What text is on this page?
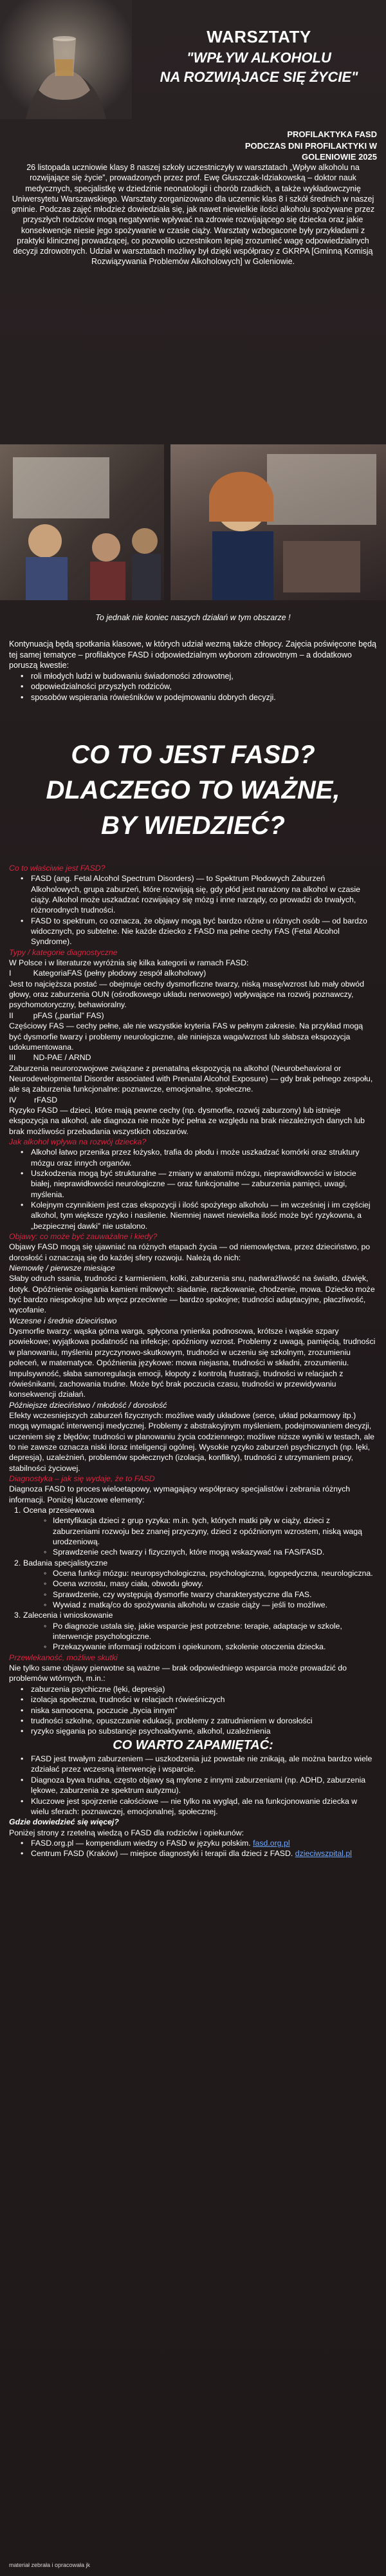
WARSZTATY
"WPŁYW ALKOHOLU
NA ROZWIĄJACE SIĘ ŻYCIE"
PROFILAKTYKA FASD
PODCZAS DNI PROFILAKTYKI W GOLENIOWIE 2025

26 listopada uczniowie klasy 8 naszej szkoły uczestniczyły w warsztatach „Wpływ alkoholu na rozwijające się życie”, prowadzonych przez prof. Ewę Głuszczak-Idziakowską – doktor nauk medycznych, specjalistkę w dziedzinie neonatologii i chorób rzadkich, a także wykładowczynię Uniwersytetu Warszawskiego. Warsztaty zorganizowano dla uczennic klas 8 i szkół średnich w naszej gminie. Podczas zajęć młodzież dowiedziała się, jak nawet niewielkie ilości alkoholu spożywane przez przyszłych rodziców mogą negatywnie wpływać na zdrowie rozwijającego się dziecka oraz jakie konsekwencje niesie jego spożywanie w czasie ciąży. Warsztaty wzbogacone były przykładami z praktyki klinicznej prowadzącej, co pozwoliło uczestnikom lepiej zrozumieć wagę odpowiedzialnych decyzji zdrowotnych. Udział w warsztatach możliwy był dzięki współpracy z GKRPA [Gminną Komisją Rozwiązywania Problemów Alkoholowych] w Goleniowie.

To jednak nie koniec naszych działań w tym obszarze !

Kontynuacją będą spotkania klasowe, w których udział wezmą także chłopcy. Zajęcia poświęcone będą tej samej tematyce – profilaktyce FASD i odpowiedzialnym wyborom zdrowotnym – a dodatkowo poruszą kwestie:

• roli młodych ludzi w budowaniu świadomości zdrowotnej,
• odpowiedzialności przyszłych rodziców,
• sposobów wspierania rówieśników w podejmowaniu dobrych decyzji.
CO TO JEST FASD?
DLACZEGO TO WAŻNE,
BY WIEDZIEĆ?

Co to właściwie jest FASD?

• FASD (ang. Fetal Alcohol Spectrum Disorders) — to Spektrum Płodowych Zaburzeń Alkoholowych, grupa zaburzeń, które rozwijają się, gdy płód jest narażony na alkohol w czasie ciąży. Alkohol może uszkadzać rozwijający się mózg i inne narządy, co prowadzi do trwałych, różnorodnych trudności.
• FASD to spektrum, co oznacza, że objawy mogą być bardzo różne u różnych osób — od bardzo widocznych, po subtelne. Nie każde dziecko z FASD ma pełne cechy FAS (Fetal Alcohol Syndrome).

Typy / kategorie diagnostyczne

W Polsce i w literaturze wyróżnia się kilka kategorii w ramach FASD:

I          KategoriaFAS (pełny płodowy zespół alkoholowy)

Jest to najcięższa postać — obejmuje cechy dysmorficzne twarzy, niską masę/wzrost lub mały obwód głowy, oraz zaburzenia OUN (ośrodkowego układu nerwowego) wpływające na rozwój poznawczy, psychomotoryczny, behawioralny.

II         pFAS („partial” FAS)

Częściowy FAS — cechy pełne, ale nie wszystkie kryteria FAS w pełnym zakresie. Na przykład mogą być dysmorfie twarzy i problemy neurologiczne, ale niniejsza waga/wzrost lub słabsza ekspozycja udokumentowana.

III        ND-PAE / ARND

Zaburzenia neurorozwojowe związane z prenatalną ekspozycją na alkohol (Neurobehavioral or Neurodevelopmental Disorder associated with Prenatal Alcohol Exposure) — gdy brak pełnego zespołu, ale są zaburzenia funkcjonalne: poznawcze, emocjonalne, społeczne.

IV        rFASD

Ryzyko FASD — dzieci, które mają pewne cechy (np. dysmorfie, rozwój zaburzony) lub istnieje ekspozycja na alkohol, ale diagnoza nie może być pełna ze względu na brak niezależnych danych lub brak możliwości przebadania wszystkich obszarów.

Jak alkohol wpływa na rozwój dziecka?

• Alkohol łatwo przenika przez łożysko, trafia do płodu i może uszkadzać komórki oraz struktury mózgu oraz innych organów.
• Uszkodzenia mogą być strukturalne — zmiany w anatomii mózgu, nieprawidłowości w istocie białej, nieprawidłowości neurologiczne — oraz funkcjonalne — zaburzenia pamięci, uwagi, myślenia.
• Kolejnym czynnikiem jest czas ekspozycji i ilość spożytego alkoholu — im wcześniej i im częściej alkohol, tym większe ryzyko i nasilenie. Niemniej nawet niewielka ilość może być ryzykowna, a „bezpiecznej dawki” nie ustalono.

Objawy: co może być zauważalne i kiedy?

Objawy FASD mogą się ujawniać na różnych etapach życia — od niemowlęctwa, przez dzieciństwo, po dorosłość i oznaczają się do każdej sfery rozwoju. Należą do nich:

Niemowlę / pierwsze miesiące

Słaby odruch ssania, trudności z karmieniem, kolki, zaburzenia snu, nadwrażliwość na światło, dźwięk, dotyk. Opóźnienie osiągania kamieni milowych: siadanie, raczkowanie, chodzenie, mowa. Dziecko może być bardzo niespokojne lub wręcz przeciwnie — bardzo spokojne; trudności adaptacyjne, płaczliwość, wycofanie.

Wczesne i średnie dzieciństwo

Dysmorfie twarzy: wąska górna warga, spłycona rynienka podnosowa, krótsze i wąskie szpary powiekowe; wyjątkowa podatność na infekcje; opóźniony wzrost. Problemy z uwagą, pamięcią, trudności w planowaniu, myśleniu przyczynowo-skutkowym, trudności w uczeniu się szkolnym, zrozumieniu poleceń, w matematyce. Opóźnienia językowe: mowa niejasna, trudności w składni, zrozumieniu. Impulsywność, słaba samoregulacja emocji, kłopoty z kontrolą frustracji, trudności w relacjach z rówieśnikami, zachowania trudne. Może być brak poczucia czasu, trudności w przewidywaniu konsekwencji działań.

Późniejsze dzieciństwo / młodość / dorosłość

Efekty wczesniejszych zaburzeń fizycznych: możliwe wady układowe (serce, układ pokarmowy itp.) mogą wymagać interwencji medycznej. Problemy z abstrakcyjnym myśleniem, podejmowaniem decyzji, uczeniem się z błędów; trudności w planowaniu życia codziennego; możliwe niższe wyniki w testach, ale to nie zawsze oznacza niski iloraz inteligencji ogólnej. Wysokie ryzyko zaburzeń psychicznych (np. lęki, depresja), uzależnień, problemów społecznych (izolacja, konflikty), trudności z utrzymaniem pracy, stabilności życiowej.

Diagnostyka – jak się wydaje, że to FASD

Diagnoza FASD to proces wieloetapowy, wymagający współpracy specjalistów i zebrania różnych informacji. Poniżej kluczowe elementy:

1. Ocena przesiewowa
◦ Identyfikacja dzieci z grup ryzyka: m.in. tych, których matki piły w ciąży, dzieci z zaburzeniami rozwoju bez znanej przyczyny, dzieci z opóźnionym wzrostem, niską wagą urodzeniową.
◦ Sprawdzenie cech twarzy i fizycznych, które mogą wskazywać na FAS/FASD.
2. Badania specjalistyczne
◦ Ocena funkcji mózgu: neuropsychologiczna, psychologiczna, logopedyczna, neurologiczna.
◦ Ocena wzrostu, masy ciała, obwodu głowy.
◦ Sprawdzenie, czy występują dysmorfie twarzy charakterystyczne dla FAS.
◦ Wywiad z matką/co do spożywania alkoholu w czasie ciąży — jeśli to możliwe.
3. Zalecenia i wnioskowanie
◦ Po diagnozie ustala się, jakie wsparcie jest potrzebne: terapie, adaptacje w szkole, interwencje psychologiczne.
◦ Przekazywanie informacji rodzicom i opiekunom, szkolenie otoczenia dziecka.

Przewlekaność, możliwe skutki

Nie tylko same objawy pierwotne są ważne — brak odpowiedniego wsparcia może prowadzić do problemów wtórnych, m.in.:

• zaburzenia psychiczne (lęki, depresja)
• izolacja społeczna, trudności w relacjach rówieśniczych
• niska samoocena, poczucie „bycia innym”
• trudności szkolne, opuszczanie edukacji, problemy z zatrudnieniem w dorosłości
• ryzyko sięgania po substancje psychoaktywne, alkohol, uzależnienia

CO WARTO ZAPAMIĘTAĆ:

• FASD jest trwałym zaburzeniem — uszkodzenia już powstałe nie znikają, ale można bardzo wiele zdziałać przez wczesną interwencję i wsparcie.
• Diagnoza bywa trudna, często objawy są mylone z innymi zaburzeniami (np. ADHD, zaburzenia lękowe, zaburzenia ze spektrum autyzmu).
• Kluczowe jest spojrzenie całościowe — nie tylko na wygląd, ale na funkcjonowanie dziecka w wielu sferach: poznawczej, emocjonalnej, społecznej.

Gdzie dowiedzieć się więcej?

Poniżej strony z rzetelną wiedzą o FASD dla rodziców i opiekunów:

• FASD.org.pl — kompendium wiedzy o FASD w języku polskim. fasd.org.pl
• Centrum FASD (Kraków) — miejsce diagnostyki i terapii dla dzieci z FASD. dzieciwszpital.pl
materiał zebrała i opracowała jk
